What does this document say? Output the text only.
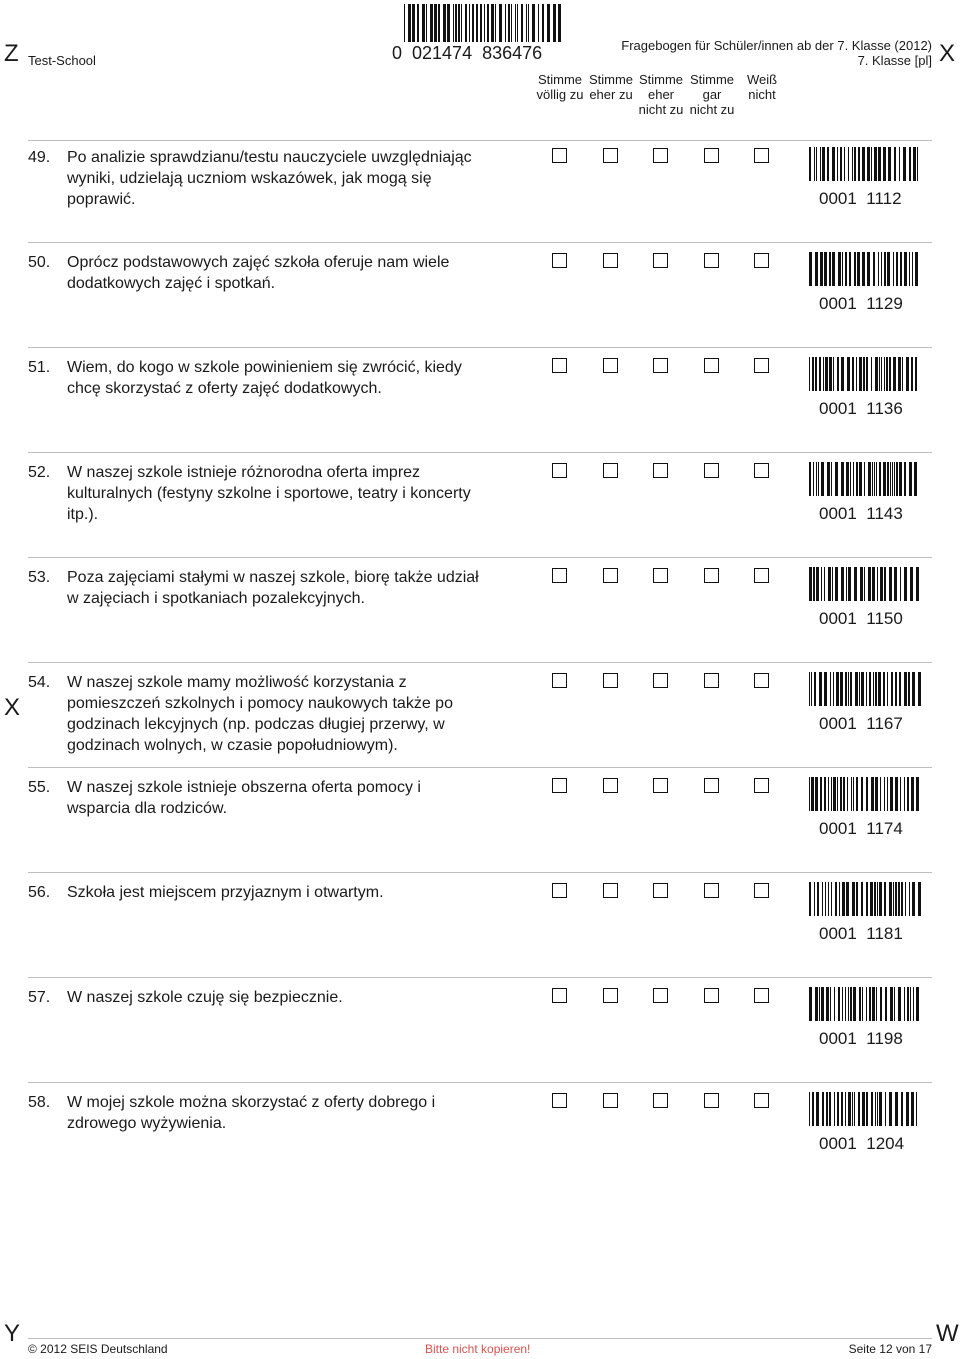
Z	X
X
Y	W
Test-School	0  021474  836476	Fragebogen für Schüler/innen ab der 7. Klasse (2012)
7. Klasse [pl]
Stimme
völlig zu
Stimme
eher zu
Stimme
eher
nicht zu
Stimme
gar
nicht zu
Weiß
nicht
49.	Po analizie sprawdzianu/testu nauczyciele uwzględniając
wyniki, udzielają uczniom wskazówek, jak mogą się
poprawić.	0001  1112
50.	Oprócz podstawowych zajęć szkoła oferuje nam wiele
dodatkowych zajęć i spotkań.
0001  1129
51.	Wiem, do kogo w szkole powinieniem się zwrócić, kiedy
chcę skorzystać z oferty zajęć dodatkowych.
0001  1136
52.	W naszej szkole istnieje różnorodna oferta imprez
kulturalnych (festyny szkolne i sportowe, teatry i koncerty
itp.).	0001  1143
53.	Poza zajęciami stałymi w naszej szkole, biorę także udział
w zajęciach i spotkaniach pozalekcyjnych.
0001  1150
54.	W naszej szkole mamy możliwość korzystania z
pomieszczeń szkolnych i pomocy naukowych także po
godzinach lekcyjnych (np. podczas długiej przerwy, w
godzinach wolnych, w czasie popołudniowym).
0001  1167
55.	W naszej szkole istnieje obszerna oferta pomocy i
wsparcia dla rodziców.
0001  1174
56.	Szkoła jest miejscem przyjaznym i otwartym.
0001  1181
57.	W naszej szkole czuję się bezpiecznie.
0001  1198
58.	W mojej szkole można skorzystać z oferty dobrego i
zdrowego wyżywienia.
0001  1204
© 2012 SEIS Deutschland	Bitte nicht kopieren!	Seite 12 von 17
